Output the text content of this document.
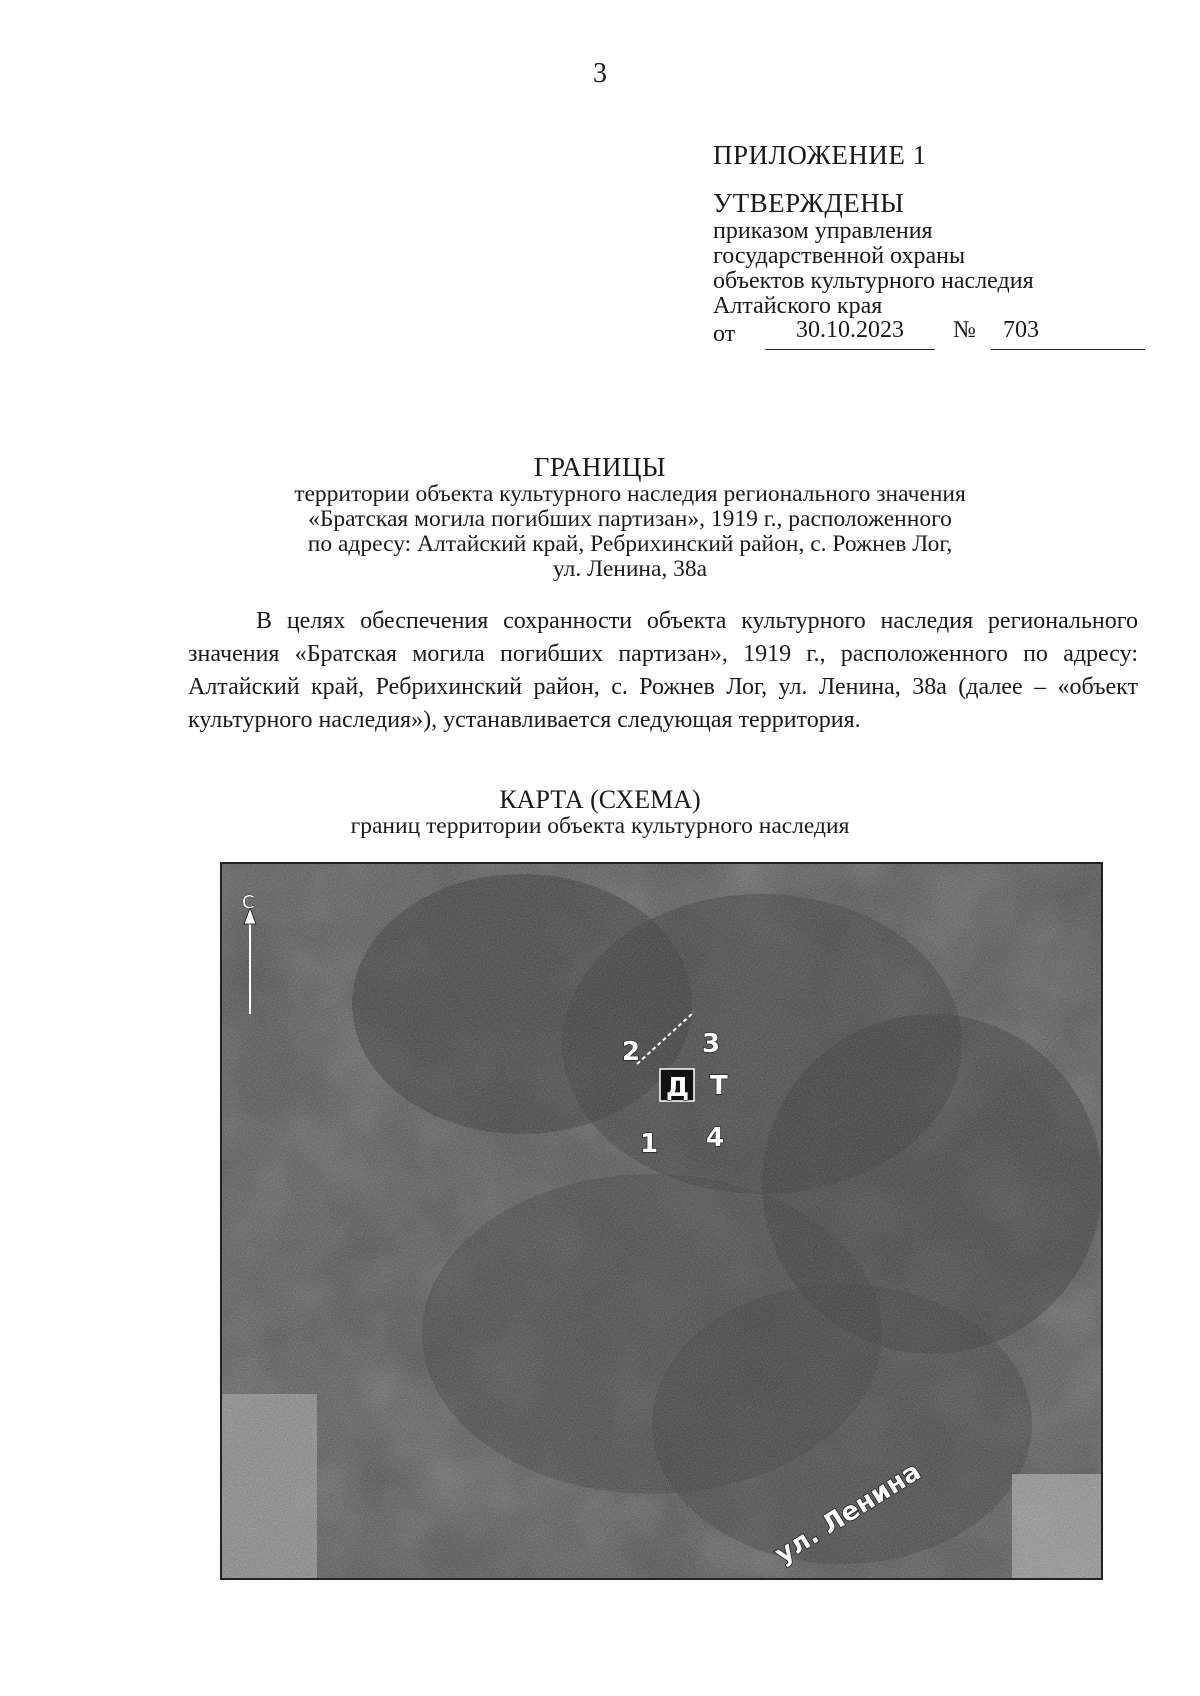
3
ПРИЛОЖЕНИЕ 1
УТВЕРЖДЕНЫ
приказом управления
государственной охраны
объектов культурного наследия
Алтайского края
от	30.10.2023	№ 703
ГРАНИЦЫ
территории объекта культурного наследия регионального значения
«Братская могила погибших партизан», 1919 г., расположенного
по адресу: Алтайский край, Ребрихинский район, с. Рожнев Лог,
ул. Ленина, 38а
В целях обеспечения сохранности объекта культурного наследия регионального значения «Братская могила погибших партизан», 1919 г., расположенного по адресу: Алтайский край, Ребрихинский район, с. Рожнев Лог, ул. Ленина, 38а (далее – «объект культурного наследия»), устанавливается следующая территория.
КАРТА (СХЕМА)
границ территории объекта культурного наследия
С
2 3
1 4
Д Т
ул. Ленина
